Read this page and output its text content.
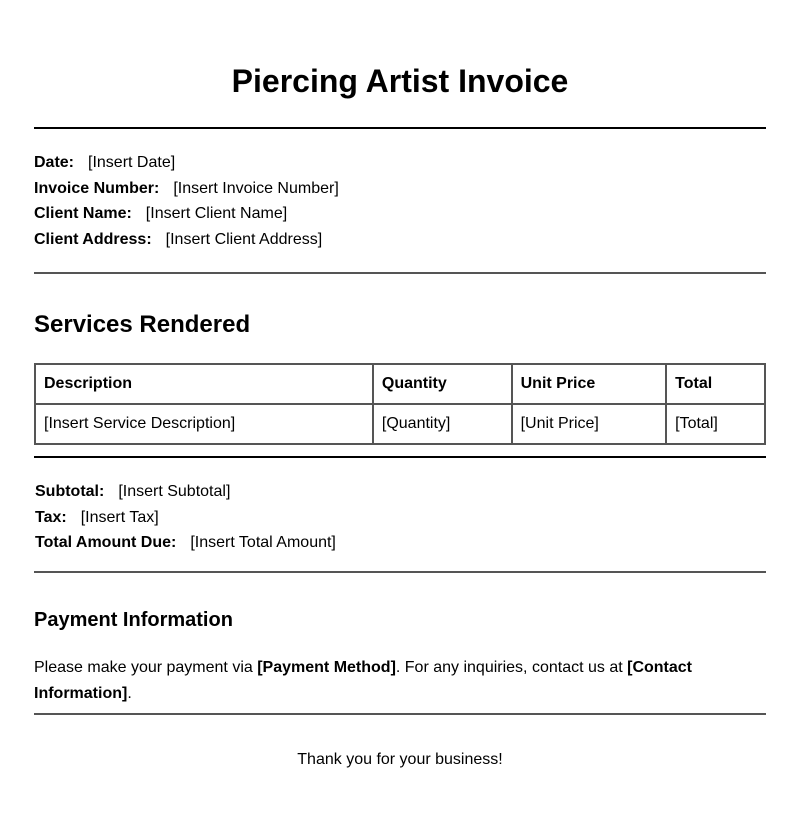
Piercing Artist Invoice
Date: [Insert Date]
Invoice Number: [Insert Invoice Number]
Client Name: [Insert Client Name]
Client Address: [Insert Client Address]
Services Rendered
Description	Quantity	Unit Price	Total
[Insert Service Description]	[Quantity]	[Unit Price]	[Total]
Subtotal: [Insert Subtotal]
Tax: [Insert Tax]
Total Amount Due: [Insert Total Amount]
Payment Information
Please make your payment via [Payment Method]. For any inquiries, contact us at [Contact Information].
Thank you for your business!
